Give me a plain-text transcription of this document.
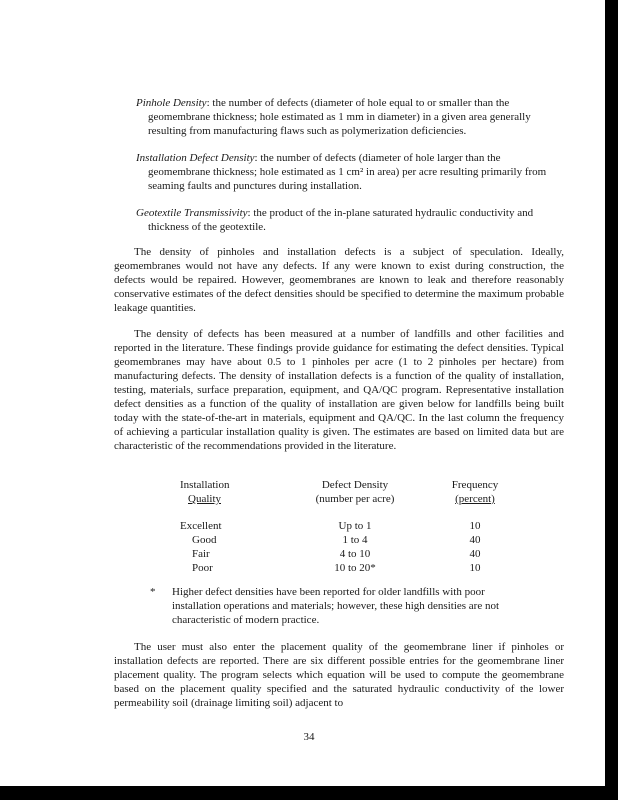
Pinhole Density: the number of defects (diameter of hole equal to or smaller than the geomembrane thickness; hole estimated as 1 mm in diameter) in a given area generally resulting from manufacturing flaws such as polymerization deficiencies.

Installation Defect Density: the number of defects (diameter of hole larger than the geomembrane thickness; hole estimated as 1 cm² in area) per acre resulting primarily from seaming faults and punctures during installation.

Geotextile Transmissivity: the product of the in-plane saturated hydraulic conductivity and thickness of the geotextile.

The density of pinholes and installation defects is a subject of speculation. Ideally, geomembranes would not have any defects. If any were known to exist during construction, the defects would be repaired. However, geomembranes are known to leak and therefore reasonably conservative estimates of the defect densities should be specified to determine the maximum probable leakage quantities.

The density of defects has been measured at a number of landfills and other facilities and reported in the literature. These findings provide guidance for estimating the defect densities. Typical geomembranes may have about 0.5 to 1 pinholes per acre (1 to 2 pinholes per hectare) from manufacturing defects. The density of installation defects is a function of the quality of installation, testing, materials, surface preparation, equipment, and QA/QC program. Representative installation defect densities as a function of the quality of installation are given below for landfills being built today with the state-of-the-art in materials, equipment and QA/QC. In the last column the frequency of achieving a particular installation quality is given. The estimates are based on limited data but are characteristic of the recommendations provided in the literature.

Installation	Defect Density	Frequency
Quality	(number per acre)	(percent)
Excellent	Up to 1	10
Good	1 to 4	40
Fair	4 to 10	40
Poor	10 to 20*	10
*	Higher defect densities have been reported for older landfills with poor installation operations and materials; however, these high densities are not characteristic of modern practice.

The user must also enter the placement quality of the geomembrane liner if pinholes or installation defects are reported. There are six different possible entries for the geomembrane liner placement quality. The program selects which equation will be used to compute the geomembrane based on the placement quality specified and the saturated hydraulic conductivity of the lower permeability soil (drainage limiting soil) adjacent to

34
